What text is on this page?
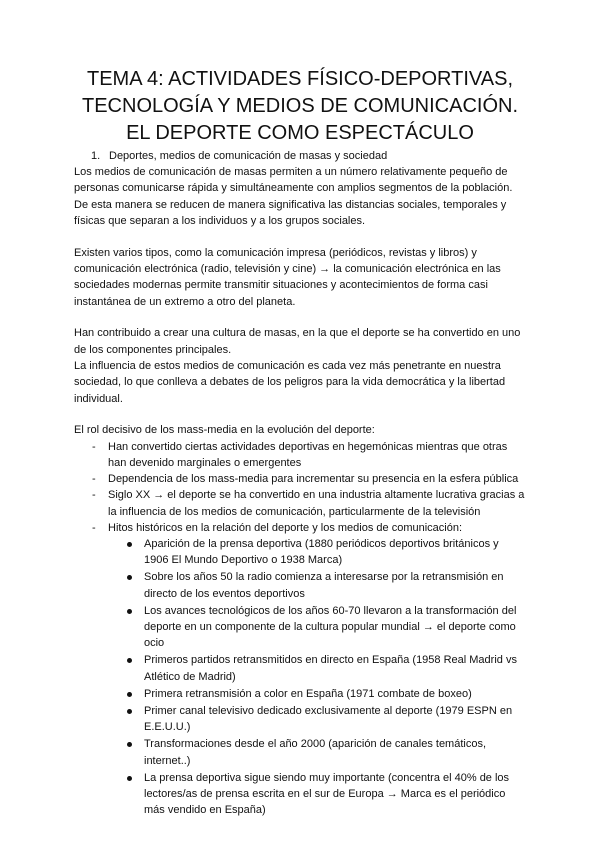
TEMA 4: ACTIVIDADES FÍSICO-DEPORTIVAS,
TECNOLOGÍA Y MEDIOS DE COMUNICACIÓN.
EL DEPORTE COMO ESPECTÁCULO
1. Deportes, medios de comunicación de masas y sociedad

Los medios de comunicación de masas permiten a un número relativamente pequeño de personas comunicarse rápida y simultáneamente con amplios segmentos de la población. De esta manera se reducen de manera significativa las distancias sociales, temporales y físicas que separan a los individuos y a los grupos sociales.

Existen varios tipos, como la comunicación impresa (periódicos, revistas y libros) y comunicación electrónica (radio, televisión y cine) → la comunicación electrónica en las sociedades modernas permite transmitir situaciones y acontecimientos de forma casi instantánea de un extremo a otro del planeta.

Han contribuido a crear una cultura de masas, en la que el deporte se ha convertido en uno de los componentes principales.

La influencia de estos medios de comunicación es cada vez más penetrante en nuestra sociedad, lo que conlleva a debates de los peligros para la vida democrática y la libertad individual.

El rol decisivo de los mass-media en la evolución del deporte:

- Han convertido ciertas actividades deportivas en hegemónicas mientras que otras han devenido marginales o emergentes
- Dependencia de los mass-media para incrementar su presencia en la esfera pública
- Siglo XX → el deporte se ha convertido en una industria altamente lucrativa gracias a la influencia de los medios de comunicación, particularmente de la televisión
- Hitos históricos en la relación del deporte y los medios de comunicación:
Aparición de la prensa deportiva (1880 periódicos deportivos británicos y 1906 El Mundo Deportivo o 1938 Marca)
Sobre los años 50 la radio comienza a interesarse por la retransmisión en directo de los eventos deportivos
Los avances tecnológicos de los años 60-70 llevaron a la transformación del deporte en un componente de la cultura popular mundial → el deporte como ocio
Primeros partidos retransmitidos en directo en España (1958 Real Madrid vs Atlético de Madrid)
Primera retransmisión a color en España (1971 combate de boxeo)
Primer canal televisivo dedicado exclusivamente al deporte (1979 ESPN en E.E.U.U.)
Transformaciones desde el año 2000 (aparición de canales temáticos, internet..)
La prensa deportiva sigue siendo muy importante (concentra el 40% de los lectores/as de prensa escrita en el sur de Europa → Marca es el periódico más vendido en España)
